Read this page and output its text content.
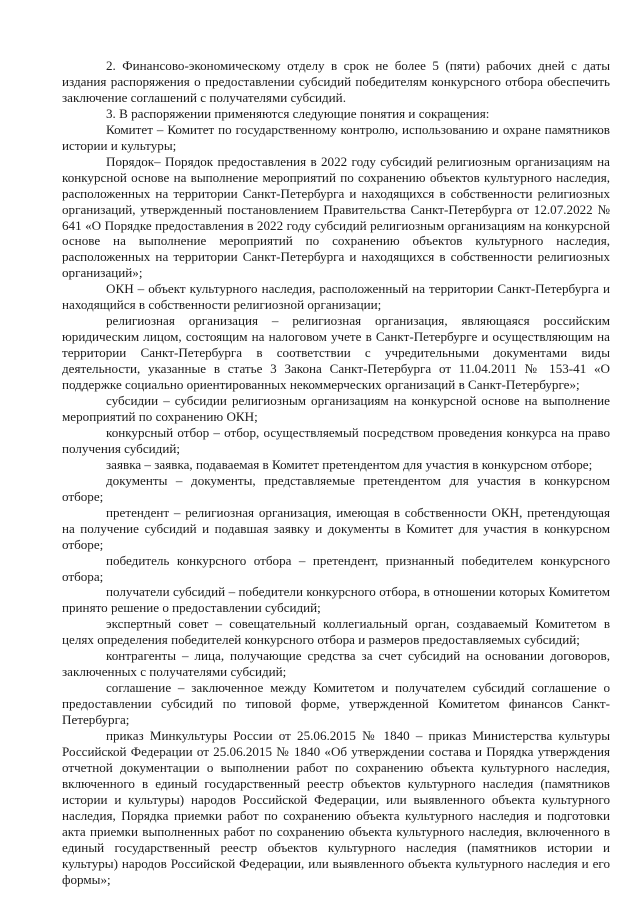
2. Финансово-экономическому отделу в срок не более 5 (пяти) рабочих дней с даты издания распоряжения о предоставлении субсидий победителям конкурсного отбора обеспечить заключение соглашений с получателями субсидий.

3. В распоряжении применяются следующие понятия и сокращения:

Комитет – Комитет по государственному контролю, использованию и охране памятников истории и культуры;

Порядок– Порядок предоставления в 2022 году субсидий религиозным организациям на конкурсной основе на выполнение мероприятий по сохранению объектов культурного наследия, расположенных на территории Санкт-Петербурга и находящихся в собственности религиозных организаций, утвержденный постановлением Правительства Санкт-Петербурга от 12.07.2022 № 641 «О Порядке предоставления в 2022 году субсидий религиозным организациям на конкурсной основе на выполнение мероприятий по сохранению объектов культурного наследия, расположенных на территории Санкт-Петербурга и находящихся в собственности религиозных организаций»;

ОКН – объект культурного наследия, расположенный на территории Санкт-Петербурга и находящийся в собственности религиозной организации;

религиозная организация – религиозная организация, являющаяся российским юридическим лицом, состоящим на налоговом учете в Санкт-Петербурге и осуществляющим на территории Санкт-Петербурга в соответствии с учредительными документами виды деятельности, указанные в статье 3 Закона Санкт-Петербурга от 11.04.2011 № 153-41 «О поддержке социально ориентированных некоммерческих организаций в Санкт-Петербурге»;

субсидии – субсидии религиозным организациям на конкурсной основе на выполнение мероприятий по сохранению ОКН;

конкурсный отбор – отбор, осуществляемый посредством проведения конкурса на право получения субсидий;

заявка – заявка, подаваемая в Комитет претендентом для участия в конкурсном отборе;

документы – документы, представляемые претендентом для участия в конкурсном отборе;

претендент – религиозная организация, имеющая в собственности ОКН, претендующая на получение субсидий и подавшая заявку и документы в Комитет для участия в конкурсном отборе;

победитель конкурсного отбора – претендент, признанный победителем конкурсного отбора;

получатели субсидий – победители конкурсного отбора, в отношении которых Комитетом принято решение о предоставлении субсидий;

экспертный совет – совещательный коллегиальный орган, создаваемый Комитетом в целях определения победителей конкурсного отбора и размеров предоставляемых субсидий;

контрагенты – лица, получающие средства за счет субсидий на основании договоров, заключенных с получателями субсидий;

соглашение – заключенное между Комитетом и получателем субсидий соглашение о предоставлении субсидий по типовой форме, утвержденной Комитетом финансов Санкт-Петербурга;

приказ Минкультуры России от 25.06.2015 № 1840 – приказ Министерства культуры Российской Федерации от 25.06.2015 № 1840 «Об утверждении состава и Порядка утверждения отчетной документации о выполнении работ по сохранению объекта культурного наследия, включенного в единый государственный реестр объектов культурного наследия (памятников истории и культуры) народов Российской Федерации, или выявленного объекта культурного наследия, Порядка приемки работ по сохранению объекта культурного наследия и подготовки акта приемки выполненных работ по сохранению объекта культурного наследия, включенного в единый государственный реестр объектов культурного наследия (памятников истории и культуры) народов Российской Федерации, или выявленного объекта культурного наследия и его формы»;
